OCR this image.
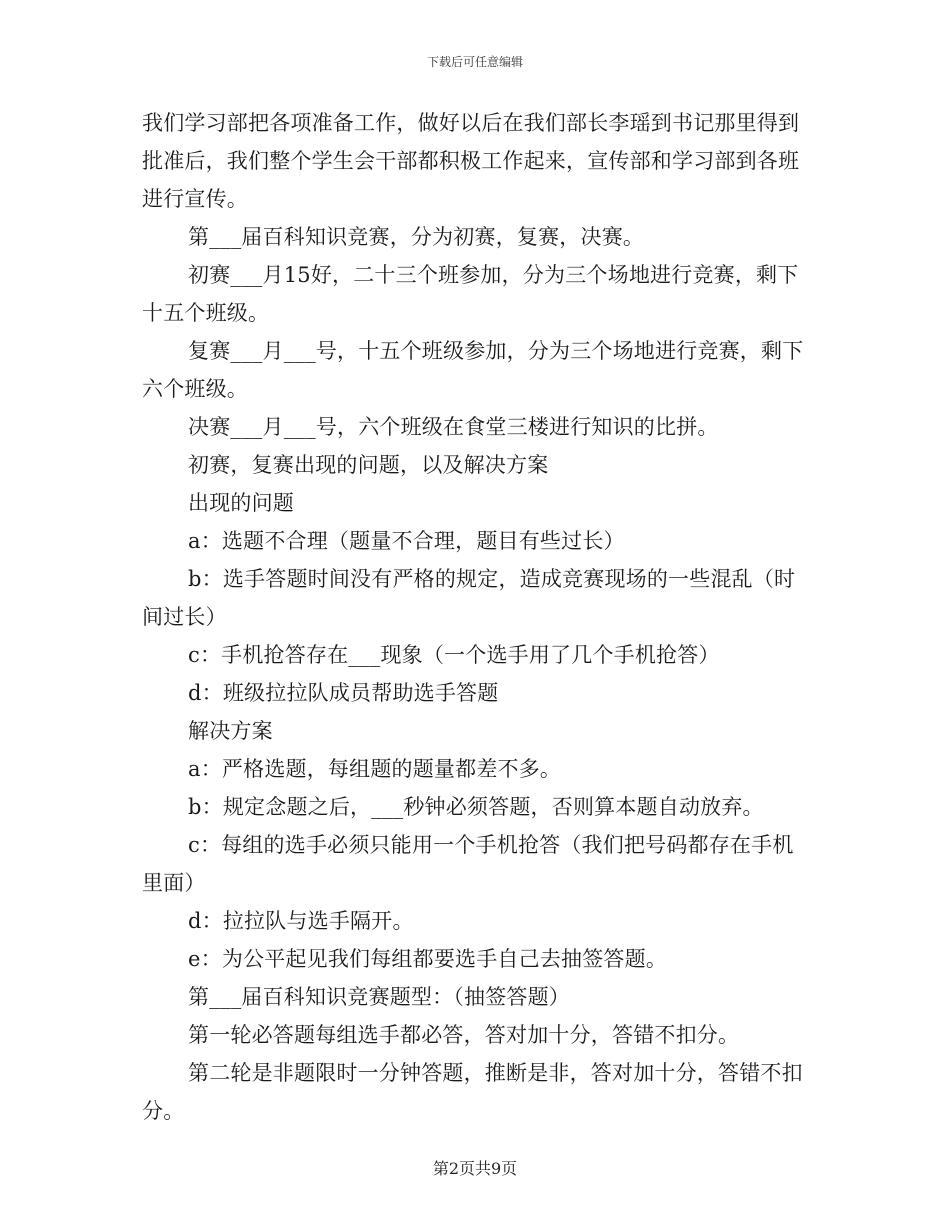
下载后可任意编辑

我们学习部把各项准备工作，做好以后在我们部长李瑶到书记那里得到批准后，我们整个学生会干部都积极工作起来，宣传部和学习部到各班进行宣传。

第___届百科知识竞赛，分为初赛，复赛，决赛。

初赛___月15好，二十三个班参加，分为三个场地进行竞赛，剩下十五个班级。

复赛___月___号，十五个班级参加，分为三个场地进行竞赛，剩下六个班级。

决赛___月___号，六个班级在食堂三楼进行知识的比拼。

初赛，复赛出现的问题，以及解决方案

出现的问题

a：选题不合理（题量不合理，题目有些过长）

b：选手答题时间没有严格的规定，造成竞赛现场的一些混乱（时间过长）

c：手机抢答存在___现象（一个选手用了几个手机抢答）

d：班级拉拉队成员帮助选手答题

解决方案

a：严格选题，每组题的题量都差不多。

b：规定念题之后，___秒钟必须答题，否则算本题自动放弃。

c：每组的选手必须只能用一个手机抢答（我们把号码都存在手机里面）

d：拉拉队与选手隔开。

e：为公平起见我们每组都要选手自己去抽签答题。

第___届百科知识竞赛题型：（抽签答题）

第一轮必答题每组选手都必答，答对加十分，答错不扣分。

第二轮是非题限时一分钟答题，推断是非，答对加十分，答错不扣分。

第2页共9页
